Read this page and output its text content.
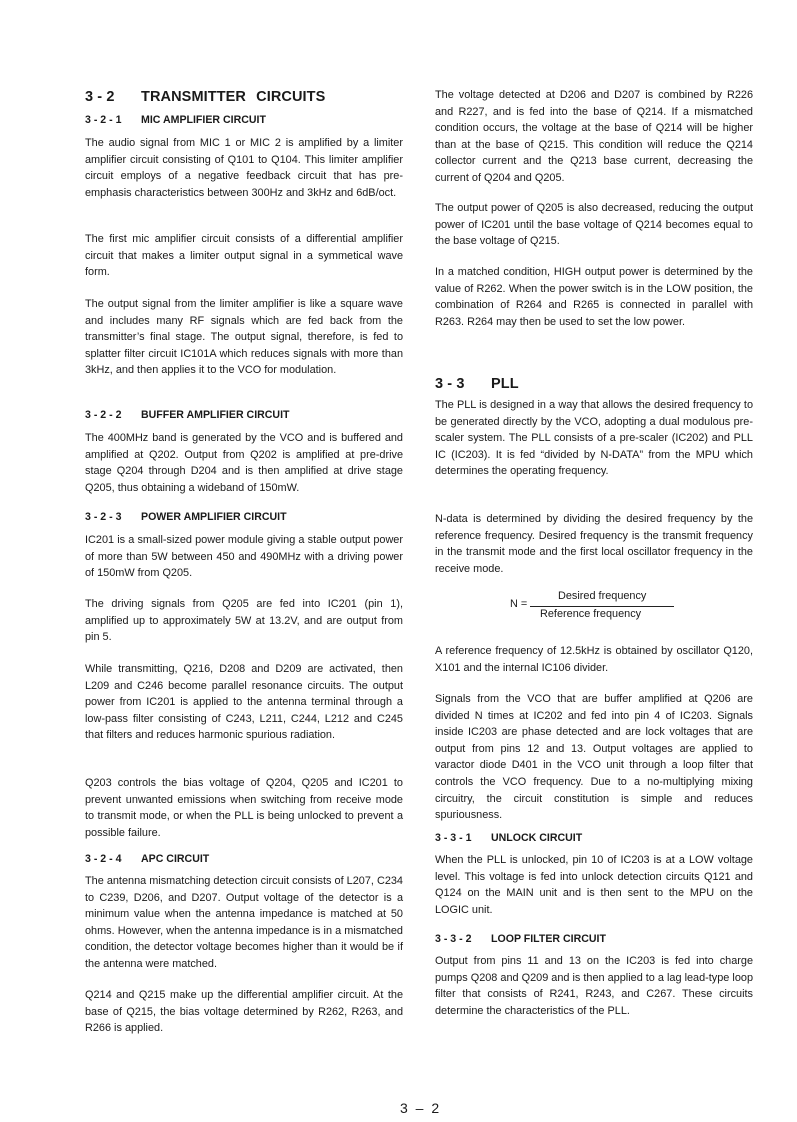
3 - 2 TRANSMITTER CIRCUITS
3 - 2 - 1 MIC AMPLIFIER CIRCUIT

The audio signal from MIC 1 or MIC 2 is amplified by a limiter amplifier circuit consisting of Q101 to Q104. This limiter amplifier circuit employs of a negative feedback circuit that has pre-emphasis characteristics between 300Hz and 3kHz and 6dB/oct.

The first mic amplifier circuit consists of a differential amplifier circuit that makes a limiter output signal in a symmetical wave form.

The output signal from the limiter amplifier is like a square wave and includes many RF signals which are fed back from the transmitter’s final stage. The output signal, therefore, is fed to splatter filter circuit IC101A which reduces signals with more than 3kHz, and then applies it to the VCO for modulation.

3 - 2 - 2 BUFFER AMPLIFIER CIRCUIT

The 400MHz band is generated by the VCO and is buffered and amplified at Q202. Output from Q202 is amplified at pre-drive stage Q204 through D204 and is then amplified at drive stage Q205, thus obtaining a wideband of 150mW.

3 - 2 - 3 POWER AMPLIFIER CIRCUIT

IC201 is a small-sized power module giving a stable output power of more than 5W between 450 and 490MHz with a driving power of 150mW from Q205.

The driving signals from Q205 are fed into IC201 (pin 1), amplified up to approximately 5W at 13.2V, and are output from pin 5.

While transmitting, Q216, D208 and D209 are activated, then L209 and C246 become parallel resonance circuits. The output power from IC201 is applied to the antenna terminal through a low-pass filter consisting of C243, L211, C244, L212 and C245 that filters and reduces harmonic spurious radiation.

Q203 controls the bias voltage of Q204, Q205 and IC201 to prevent unwanted emissions when switching from receive mode to transmit mode, or when the PLL is being unlocked to prevent a possible failure.

3 - 2 - 4 APC CIRCUIT

The antenna mismatching detection circuit consists of L207, C234 to C239, D206, and D207. Output voltage of the detector is a minimum value when the antenna impedance is matched at 50 ohms. However, when the antenna impedance is in a mismatched condition, the detector voltage becomes higher than it would be if the antenna were matched.

Q214 and Q215 make up the differential amplifier circuit. At the base of Q215, the bias voltage determined by R262, R263, and R266 is applied.

The voltage detected at D206 and D207 is combined by R226 and R227, and is fed into the base of Q214. If a mismatched condition occurs, the voltage at the base of Q214 will be higher than at the base of Q215. This condition will reduce the Q214 collector current and the Q213 base current, decreasing the current of Q204 and Q205.

The output power of Q205 is also decreased, reducing the output power of IC201 until the base voltage of Q214 becomes equal to the base voltage of Q215.

In a matched condition, HIGH output power is determined by the value of R262. When the power switch is in the LOW position, the combination of R264 and R265 is connected in parallel with R263. R264 may then be used to set the low power.

3 - 3 PLL

The PLL is designed in a way that allows the desired frequency to be generated directly by the VCO, adopting a dual modulous pre-scaler system. The PLL consists of a pre-scaler (IC202) and PLL IC (IC203). It is fed “divided by N-DATA” from the MPU which determines the operating frequency.

N-data is determined by dividing the desired frequency by the reference frequency. Desired frequency is the transmit frequency in the transmit mode and the first local oscillator frequency in the receive mode.

N =
Desired frequency
Reference frequency

A reference frequency of 12.5kHz is obtained by oscillator Q120, X101 and the internal IC106 divider.

Signals from the VCO that are buffer amplified at Q206 are divided N times at IC202 and fed into pin 4 of IC203. Signals inside IC203 are phase detected and are lock voltages that are output from pins 12 and 13. Output voltages are applied to varactor diode D401 in the VCO unit through a loop filter that controls the VCO frequency. Due to a no-multiplying mixing circuitry, the circuit constitution is simple and reduces spuriousness.

3 - 3 - 1 UNLOCK CIRCUIT

When the PLL is unlocked, pin 10 of IC203 is at a LOW voltage level. This voltage is fed into unlock detection circuits Q121 and Q124 on the MAIN unit and is then sent to the MPU on the LOGIC unit.

3 - 3 - 2 LOOP FILTER CIRCUIT

Output from pins 11 and 13 on the IC203 is fed into charge pumps Q208 and Q209 and is then applied to a lag lead-type loop filter that consists of R241, R243, and C267. These circuits determine the characteristics of the PLL.

3 – 2
